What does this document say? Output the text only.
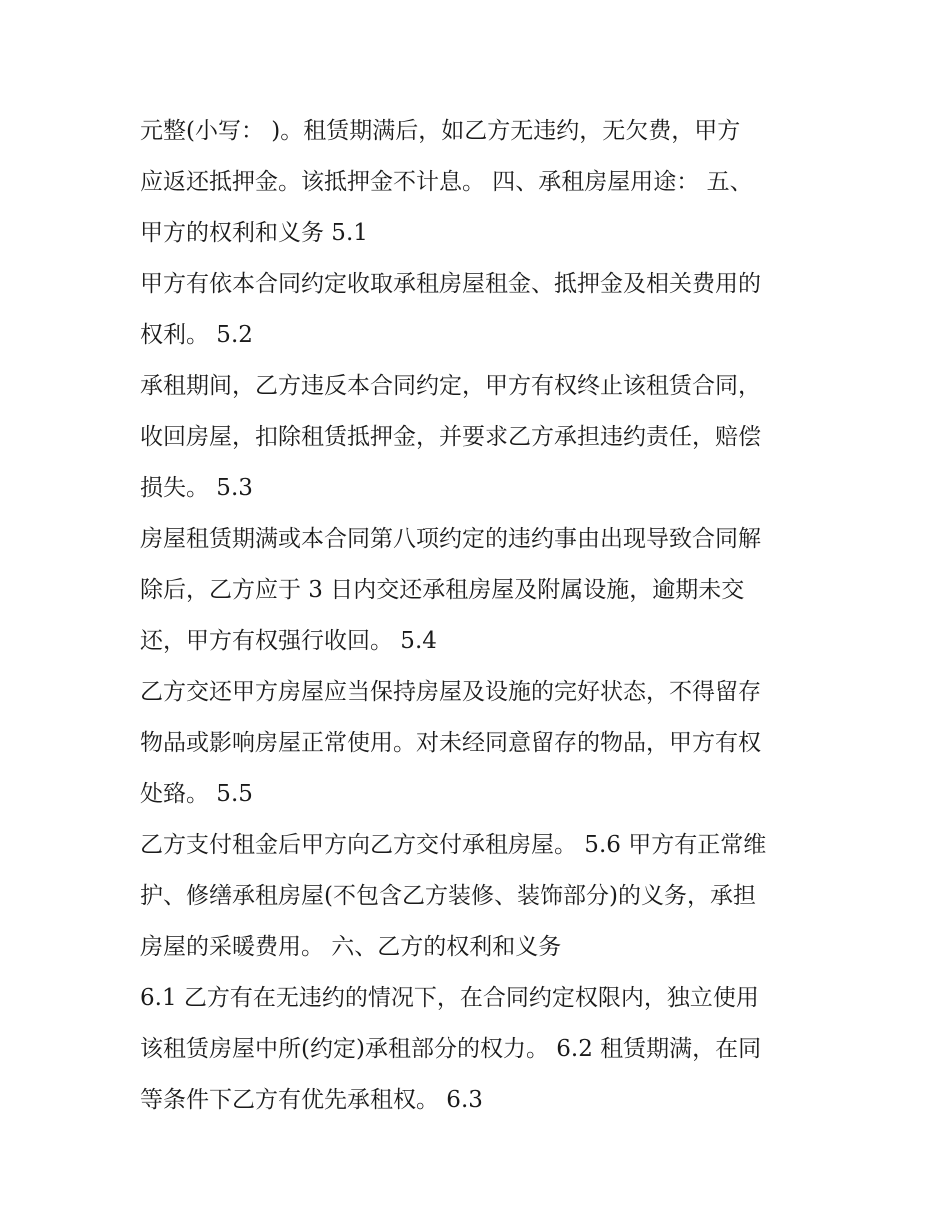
元整(小写： )。租赁期满后，如乙方无违约，无欠费，甲方
应返还抵押金。该抵押金不计息。 四、承租房屋用途： 五、
甲方的权利和义务 5.1
甲方有依本合同约定收取承租房屋租金、抵押金及相关费用的
权利。 5.2
承租期间，乙方违反本合同约定，甲方有权终止该租赁合同，
收回房屋，扣除租赁抵押金，并要求乙方承担违约责任，赔偿
损失。 5.3
房屋租赁期满或本合同第八项约定的违约事由出现导致合同解
除后，乙方应于 3 日内交还承租房屋及附属设施，逾期未交
还，甲方有权强行收回。 5.4
乙方交还甲方房屋应当保持房屋及设施的完好状态，不得留存
物品或影响房屋正常使用。对未经同意留存的物品，甲方有权
处臵。 5.5
乙方支付租金后甲方向乙方交付承租房屋。 5.6 甲方有正常维
护、修缮承租房屋(不包含乙方装修、装饰部分)的义务，承担
房屋的采暖费用。 六、乙方的权利和义务
6.1 乙方有在无违约的情况下，在合同约定权限内，独立使用
该租赁房屋中所(约定)承租部分的权力。 6.2 租赁期满，在同
等条件下乙方有优先承租权。 6.3
